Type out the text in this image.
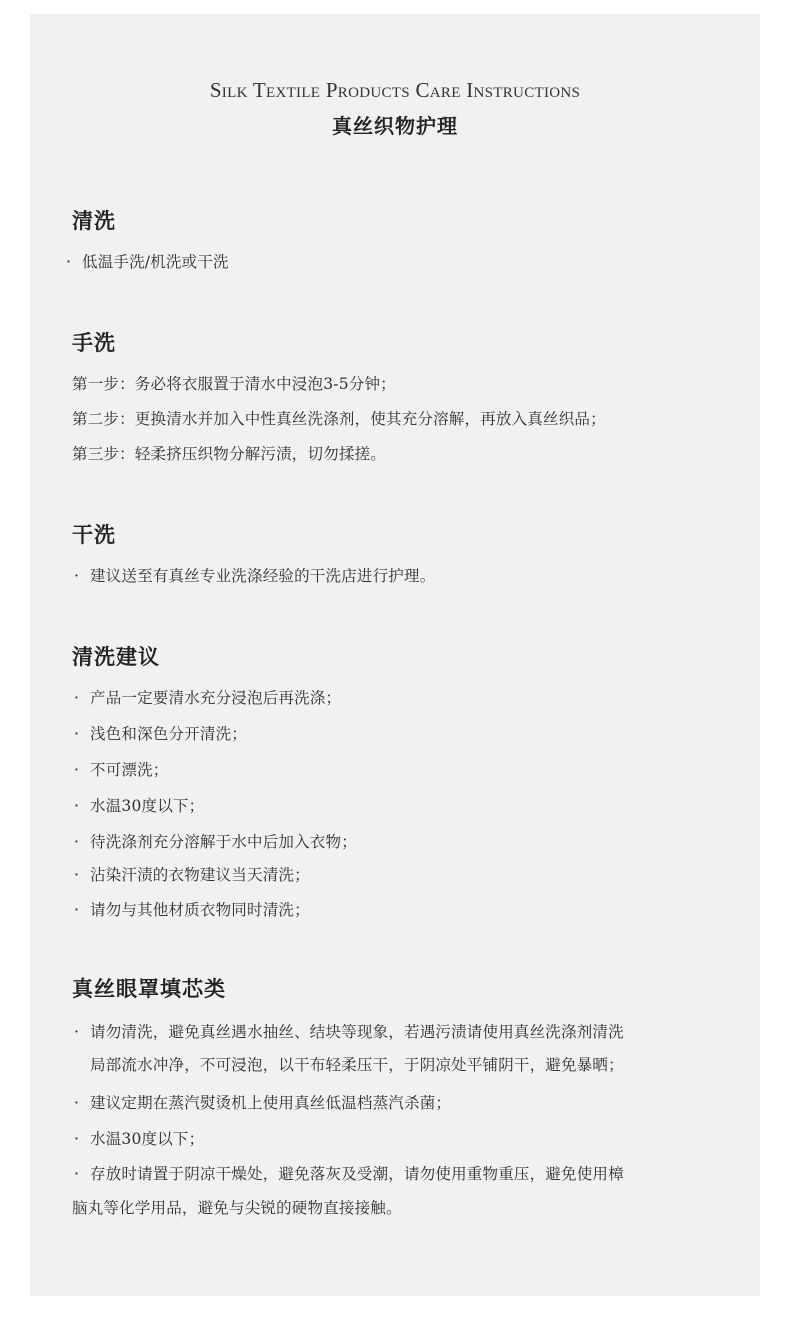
Silk Textile Products Care Instructions
真丝织物护理
清洗

· 低温手洗/机洗或干洗

手洗

第一步：务必将衣服置于清水中浸泡3-5分钟；

第二步：更换清水并加入中性真丝洗涤剂，使其充分溶解，再放入真丝织品；

第三步：轻柔挤压织物分解污渍，切勿揉搓。

干洗

· 建议送至有真丝专业洗涤经验的干洗店进行护理。

清洗建议

· 产品一定要清水充分浸泡后再洗涤；

· 浅色和深色分开清洗；

· 不可漂洗；

· 水温30度以下；

· 待洗涤剂充分溶解于水中后加入衣物；

· 沾染汗渍的衣物建议当天清洗；

· 请勿与其他材质衣物同时清洗；

真丝眼罩填芯类

· 请勿清洗，避免真丝遇水抽丝、结块等现象，若遇污渍请使用真丝洗涤剂清洗

局部流水冲净，不可浸泡，以干布轻柔压干，于阴凉处平铺阴干，避免暴晒；

· 建议定期在蒸汽熨烫机上使用真丝低温档蒸汽杀菌；

· 水温30度以下；

· 存放时请置于阴凉干燥处，避免落灰及受潮，请勿使用重物重压，避免使用樟

脑丸等化学用品，避免与尖锐的硬物直接接触。
